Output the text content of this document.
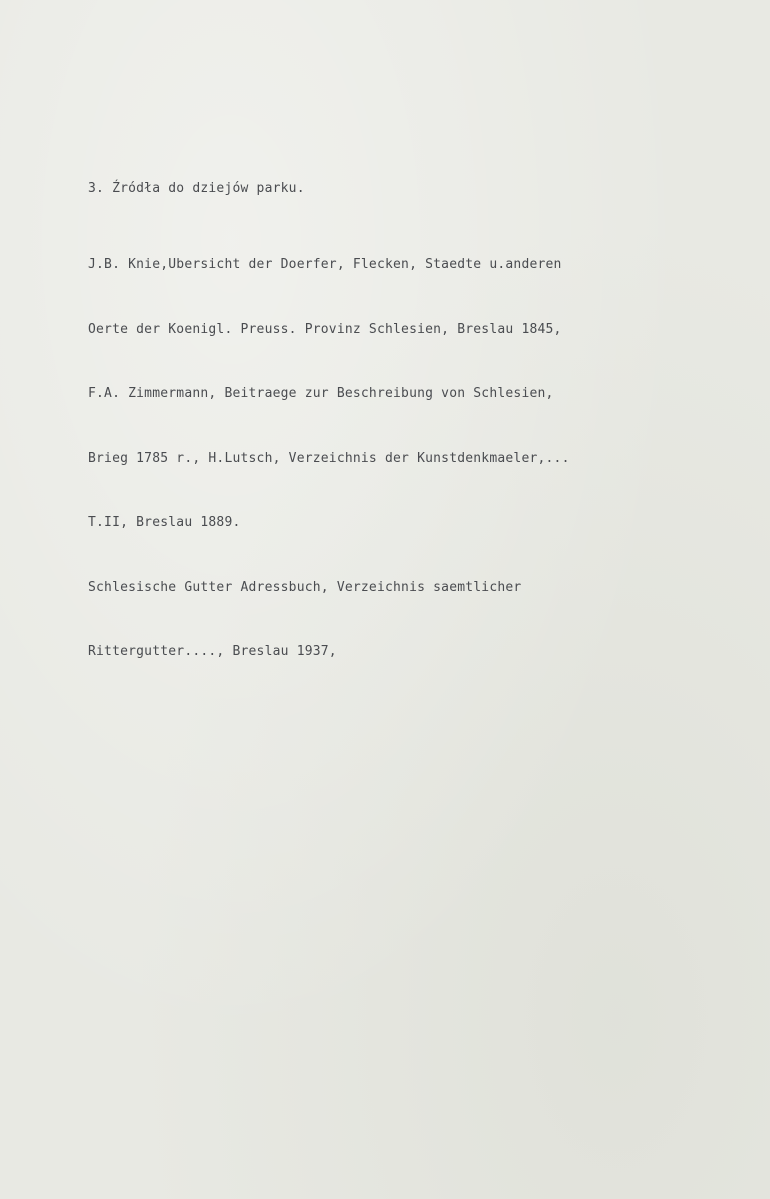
3. Źródła do dziejów parku.

J.B. Knie,Ubersicht der Doerfer, Flecken, Staedte u.anderen

Oerte der Koenigl. Preuss. Provinz Schlesien, Breslau 1845,

F.A. Zimmermann, Beitraege zur Beschreibung von Schlesien,

Brieg 1785 r., H.Lutsch, Verzeichnis der Kunstdenkmaeler,...

T.II, Breslau 1889.

Schlesische Gutter Adressbuch, Verzeichnis saemtlicher

Rittergutter...., Breslau 1937,
